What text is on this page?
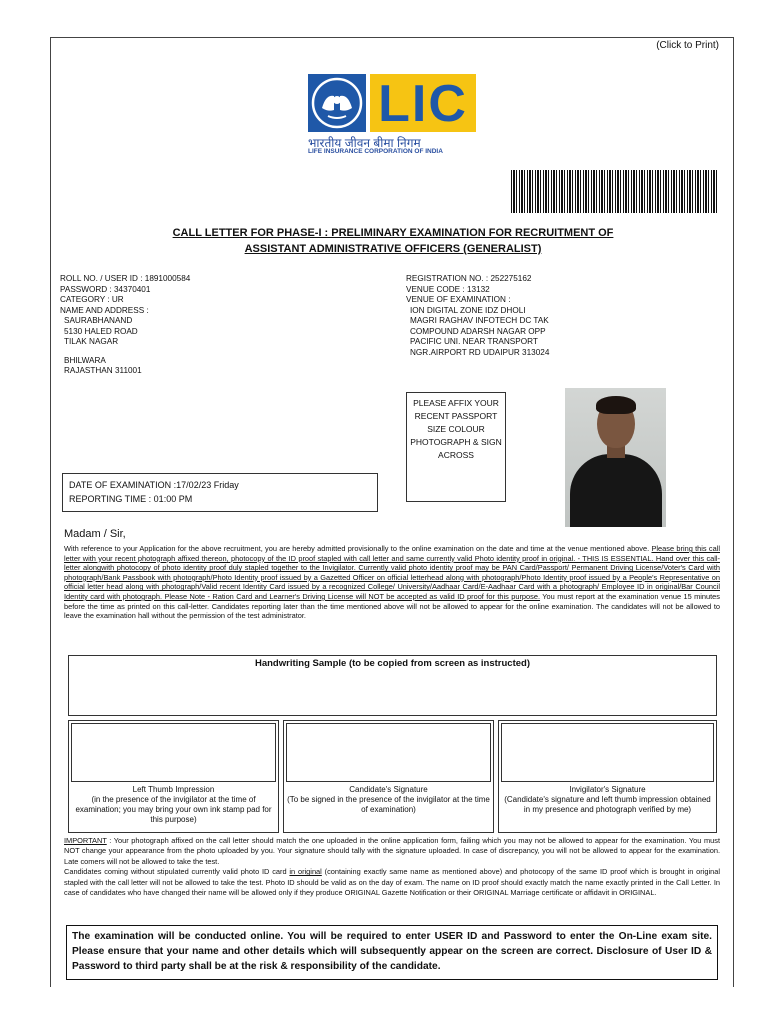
(Click to Print)
LIC
भारतीय जीवन बीमा निगम
LIFE INSURANCE CORPORATION OF INDIA
CALL LETTER FOR PHASE-I : PRELIMINARY EXAMINATION FOR RECRUITMENT OF ASSISTANT ADMINISTRATIVE OFFICERS (GENERALIST)
ROLL NO. / USER ID : 1891000584
PASSWORD : 34370401
CATEGORY : UR
NAME AND ADDRESS :
SAURABHANAND
5130 HALED ROAD
TILAK NAGAR
BHILWARA
RAJASTHAN 311001
REGISTRATION NO. : 252275162
VENUE CODE : 13132
VENUE OF EXAMINATION :
ION DIGITAL ZONE IDZ DHOLI
MAGRI RAGHAV INFOTECH DC TAK
COMPOUND ADARSH NAGAR OPP
PACIFIC UNI. NEAR TRANSPORT
NGR.AIRPORT RD UDAIPUR 313024
PLEASE AFFIX YOUR RECENT PASSPORT SIZE COLOUR PHOTOGRAPH & SIGN ACROSS
DATE OF EXAMINATION :17/02/23 Friday
REPORTING TIME : 01:00 PM
Madam / Sir,
With reference to your Application for the above recruitment, you are hereby admitted provisionally to the online examination on the date and time at the venue mentioned above. Please bring this call letter with your recent photograph affixed thereon, photocopy of the ID proof stapled with call letter and same currently valid Photo identity proof in original. - THIS IS ESSENTIAL. Hand over this call-letter alongwith photocopy of photo identity proof duly stapled together to the Invigilator. Currently valid photo identity proof may be PAN Card/Passport/ Permanent Driving License/Voter's Card with photograph/Bank Passbook with photograph/Photo Identity proof issued by a Gazetted Officer on official letterhead along with photograph/Photo Identity proof issued by a People's Representative on official letter head along with photograph/Valid recent Identity Card issued by a recognized College/ University/Aadhaar Card/E-Aadhaar Card with a photograph/ Employee ID in original/Bar Council Identity card with photograph. Please Note - Ration Card and Learner's Driving License will NOT be accepted as valid ID proof for this purpose. You must report at the examination venue 15 minutes before the time as printed on this call-letter. Candidates reporting later than the time mentioned above will not be allowed to appear for the online examination. The candidates will not be allowed to leave the examination hall without the permission of the test administrator.
Handwriting Sample (to be copied from screen as instructed)
Left Thumb Impression
(in the presence of the invigilator at the time of examination; you may bring your own ink stamp pad for this purpose)
Candidate's Signature
(To be signed in the presence of the invigilator at the time of examination)
Invigilator's Signature
(Candidate's signature and left thumb impression obtained in my presence and photograph verified by me)
IMPORTANT : Your photograph affixed on the call letter should match the one uploaded in the online application form, failing which you may not be allowed to appear for the examination. You must NOT change your appearance from the photo uploaded by you. Your signature should tally with the signature uploaded. In case of discrepancy, you will not be allowed to appear for the examination. Late comers will not be allowed to take the test.
Candidates coming without stipulated currently valid photo ID card in original (containing exactly same name as mentioned above) and photocopy of the same ID proof which is brought in original stapled with the call letter will not be allowed to take the test. Photo ID should be valid as on the day of exam. The name on ID proof should exactly match the name exactly printed in the Call Letter. In case of candidates who have changed their name will be allowed only if they produce ORIGINAL Gazette Notification or their ORIGINAL Marriage certificate or affidavit in ORIGINAL.
The examination will be conducted online. You will be required to enter USER ID and Password to enter the On-Line exam site. Please ensure that your name and other details which will subsequently appear on the screen are correct. Disclosure of User ID & Password to third party shall be at the risk & responsibility of the candidate.
